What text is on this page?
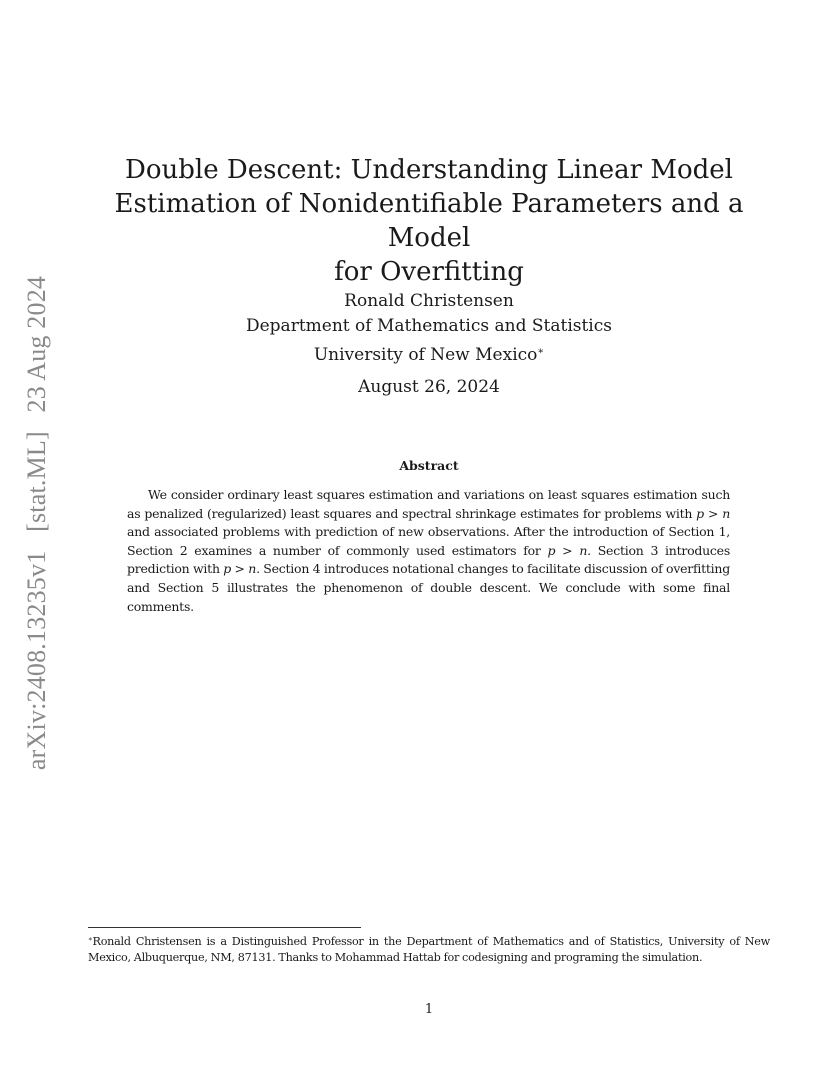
arXiv:2408.13235v1 [stat.ML] 23 Aug 2024
Double Descent: Understanding Linear Model
Estimation of Nonidentifiable Parameters and a Model
for Overfitting
Ronald Christensen
Department of Mathematics and Statistics
University of New Mexico∗
August 26, 2024
Abstract
We consider ordinary least squares estimation and variations on least squares estimation such as penalized (regularized) least squares and spectral shrinkage estimates for problems with p > n and associated problems with prediction of new observations. After the introduction of Section 1, Section 2 examines a number of commonly used estimators for p > n. Section 3 introduces prediction with p > n. Section 4 introduces notational changes to facilitate discussion of overfitting and Section 5 illustrates the phenomenon of double descent. We conclude with some final comments.
∗Ronald Christensen is a Distinguished Professor in the Department of Mathematics and of Statistics, University of New Mexico, Albuquerque, NM, 87131. Thanks to Mohammad Hattab for codesigning and programing the simulation.
1
